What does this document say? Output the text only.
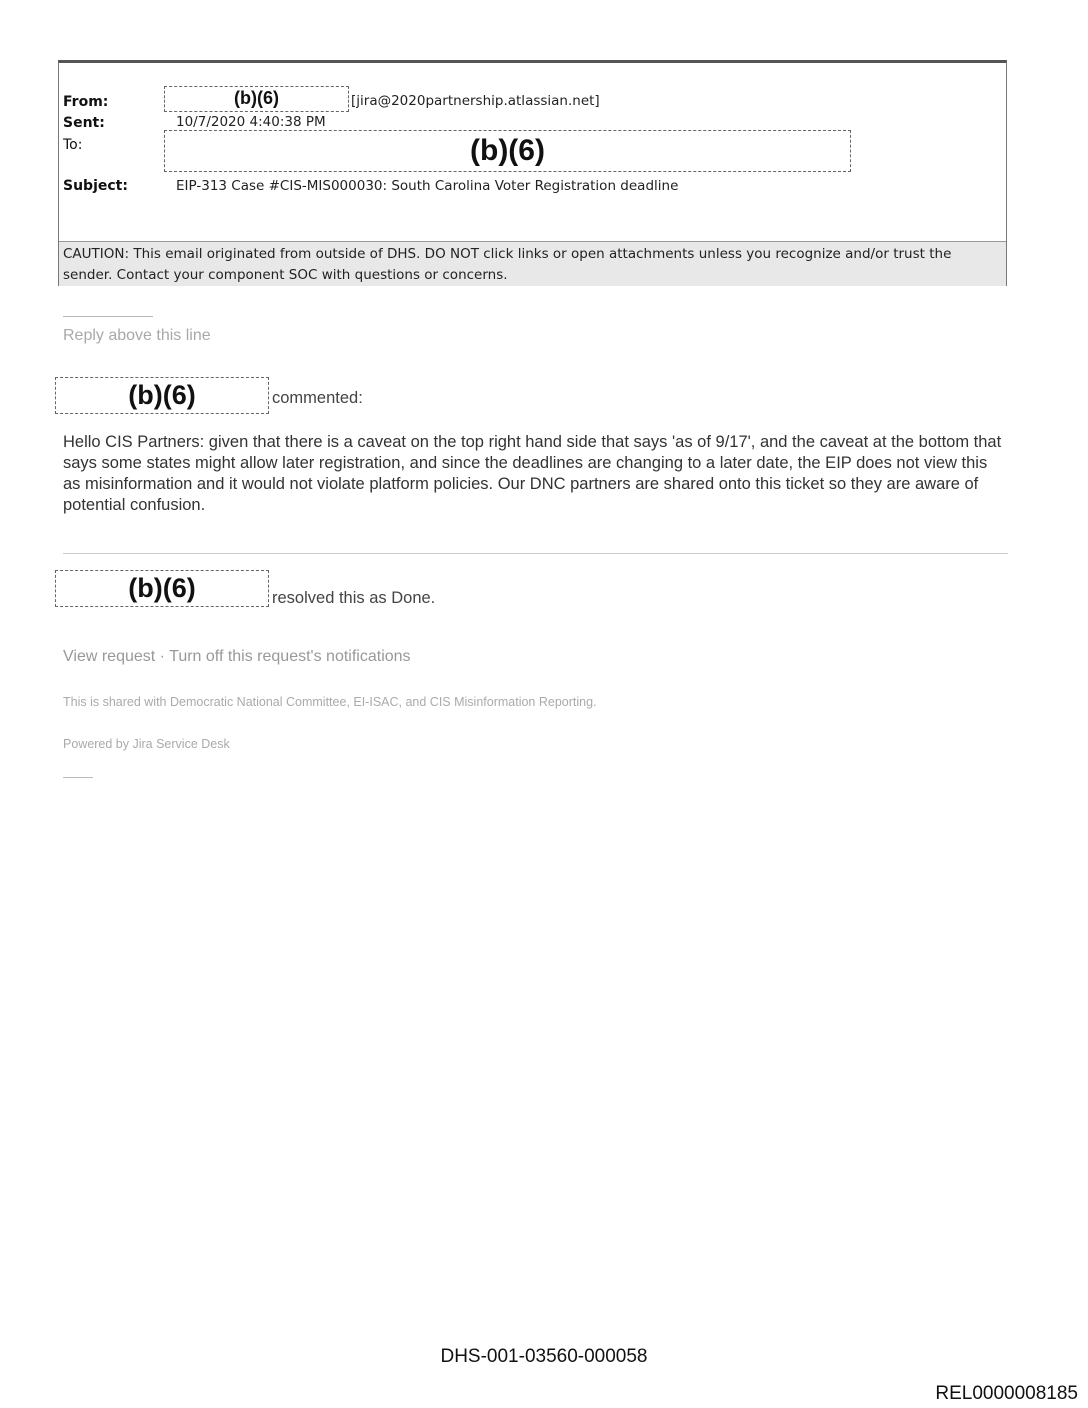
From:	(b)(6)	[jira@2020partnership.atlassian.net]
Sent:	10/7/2020 4:40:38 PM
To:	(b)(6)
Subject:	EIP-313 Case #CIS-MIS000030: South Carolina Voter Registration deadline
CAUTION: This email originated from outside of DHS. DO NOT click links or open attachments unless you recognize and/or trust the sender. Contact your component SOC with questions or concerns.
Reply above this line
(b)(6)	commented:
Hello CIS Partners: given that there is a caveat on the top right hand side that says 'as of 9/17', and the caveat at the bottom that says some states might allow later registration, and since the deadlines are changing to a later date, the EIP does not view this as misinformation and it would not violate platform policies. Our DNC partners are shared onto this ticket so they are aware of potential confusion.
(b)(6)	resolved this as Done.
View request · Turn off this request's notifications
This is shared with Democratic National Committee, EI-ISAC, and CIS Misinformation Reporting.
Powered by Jira Service Desk
DHS-001-03560-000058
REL0000008185
